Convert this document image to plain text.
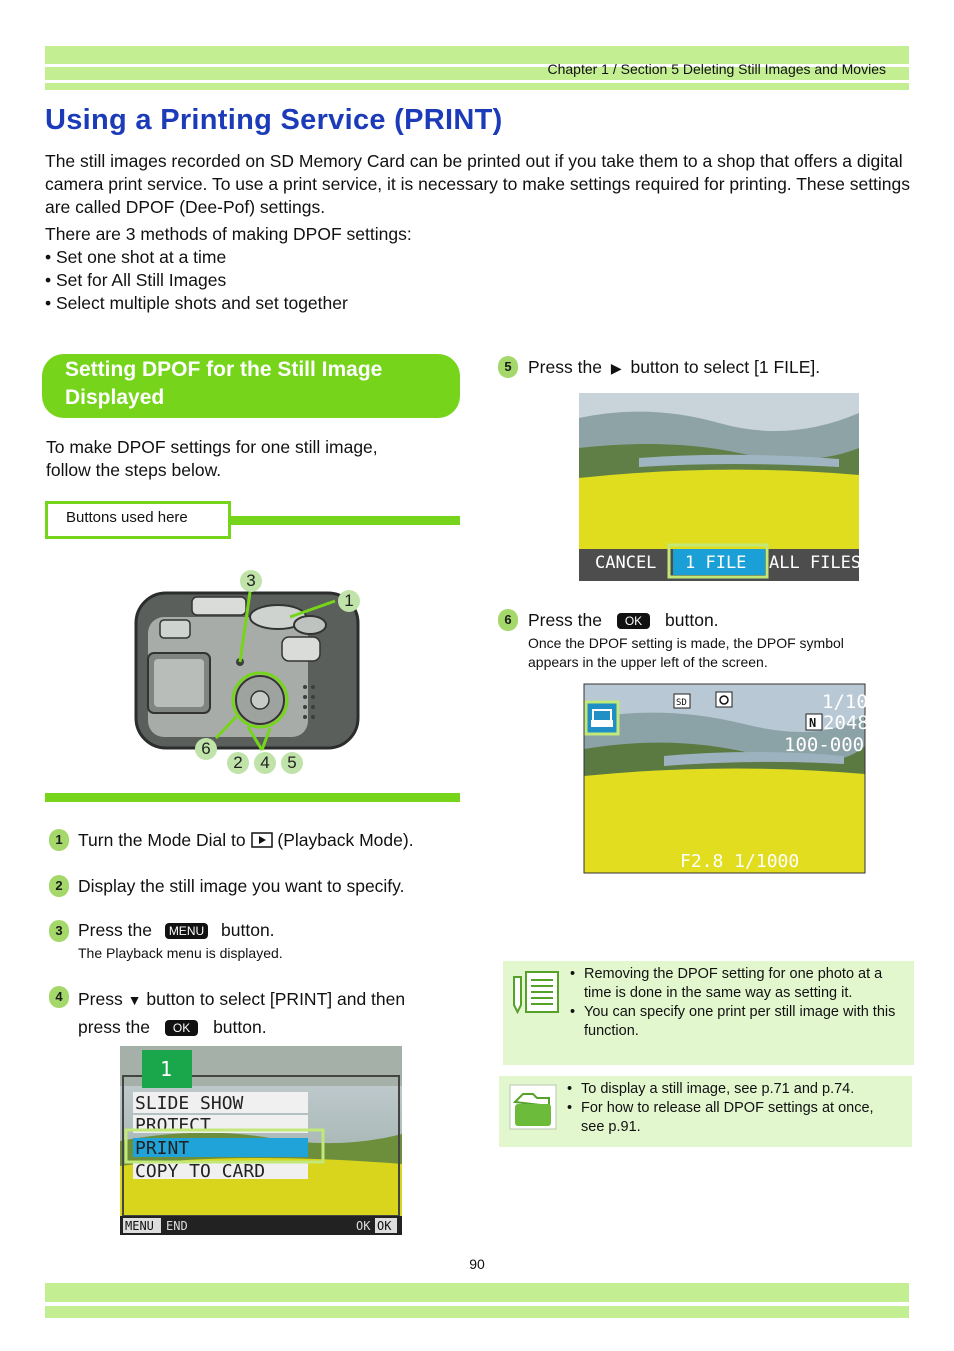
Chapter 1 / Section 5 Deleting Still Images and Movies
Using a Printing Service (PRINT)
The still images recorded on SD Memory Card can be printed out if you take them to a shop that offers a digital camera print service. To use a print service, it is necessary to make settings required for printing. These settings are called DPOF (Dee-Pof) settings.
There are 3 methods of making DPOF settings:
• Set one shot at a time
• Set for All Still Images
• Select multiple shots and set together
Setting DPOF for the Still Image
Displayed
To make DPOF settings for one still image,
follow the steps below.
Buttons used here
3
1
6
2	4	5
1 Turn the Mode Dial to (Playback Mode).
2 Display the still image you want to specify.
3 Press the MENU button.
The Playback menu is displayed.
4 Press ▼ button to select [PRINT] and then
press the OK button.
1
SLIDE SHOW
PROTECT
PRINT
COPY TO CARD
MENU END	OK OK
5 Press the ▶ button to select [1 FILE].
CANCEL 1 FILE ALL FILES
6 Press the OK button.
Once the DPOF setting is made, the DPOF symbol
appears in the upper left of the screen.
SD	1/10
N 2048
100-0001
F2.8 1/1000
• Removing the DPOF setting for one photo at a time is done in the same way as setting it.
• You can specify one print per still image with this function.
• To display a still image, see p.71 and p.74.
• For how to release all DPOF settings at once, see p.91.
90
